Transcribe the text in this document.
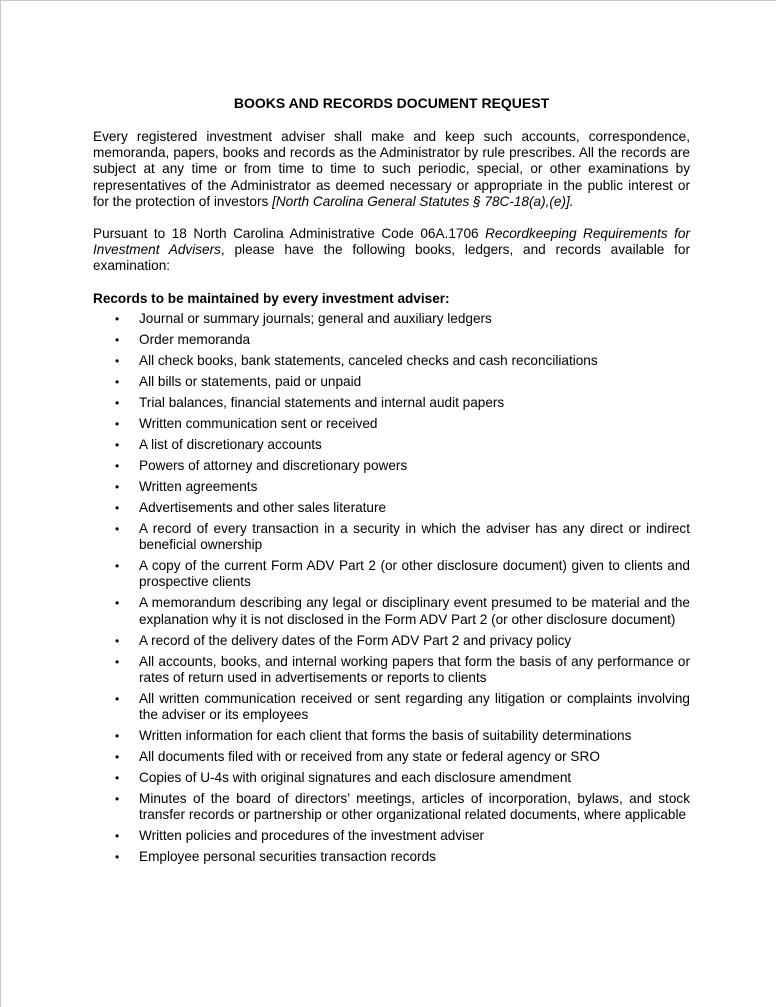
BOOKS AND RECORDS DOCUMENT REQUEST

Every registered investment adviser shall make and keep such accounts, correspondence, memoranda, papers, books and records as the Administrator by rule prescribes. All the records are subject at any time or from time to time to such periodic, special, or other examinations by representatives of the Administrator as deemed necessary or appropriate in the public interest or for the protection of investors [North Carolina General Statutes § 78C-18(a),(e)].

Pursuant to 18 North Carolina Administrative Code 06A.1706 Recordkeeping Requirements for Investment Advisers, please have the following books, ledgers, and records available for examination:

Records to be maintained by every investment adviser:

• Journal or summary journals; general and auxiliary ledgers
• Order memoranda
• All check books, bank statements, canceled checks and cash reconciliations
• All bills or statements, paid or unpaid
• Trial balances, financial statements and internal audit papers
• Written communication sent or received
• A list of discretionary accounts
• Powers of attorney and discretionary powers
• Written agreements
• Advertisements and other sales literature
• A record of every transaction in a security in which the adviser has any direct or indirect beneficial ownership
• A copy of the current Form ADV Part 2 (or other disclosure document) given to clients and prospective clients
• A memorandum describing any legal or disciplinary event presumed to be material and the explanation why it is not disclosed in the Form ADV Part 2 (or other disclosure document)
• A record of the delivery dates of the Form ADV Part 2 and privacy policy
• All accounts, books, and internal working papers that form the basis of any performance or rates of return used in advertisements or reports to clients
• All written communication received or sent regarding any litigation or complaints involving the adviser or its employees
• Written information for each client that forms the basis of suitability determinations
• All documents filed with or received from any state or federal agency or SRO
• Copies of U-4s with original signatures and each disclosure amendment
• Minutes of the board of directors’ meetings, articles of incorporation, bylaws, and stock transfer records or partnership or other organizational related documents, where applicable
• Written policies and procedures of the investment adviser
• Employee personal securities transaction records
